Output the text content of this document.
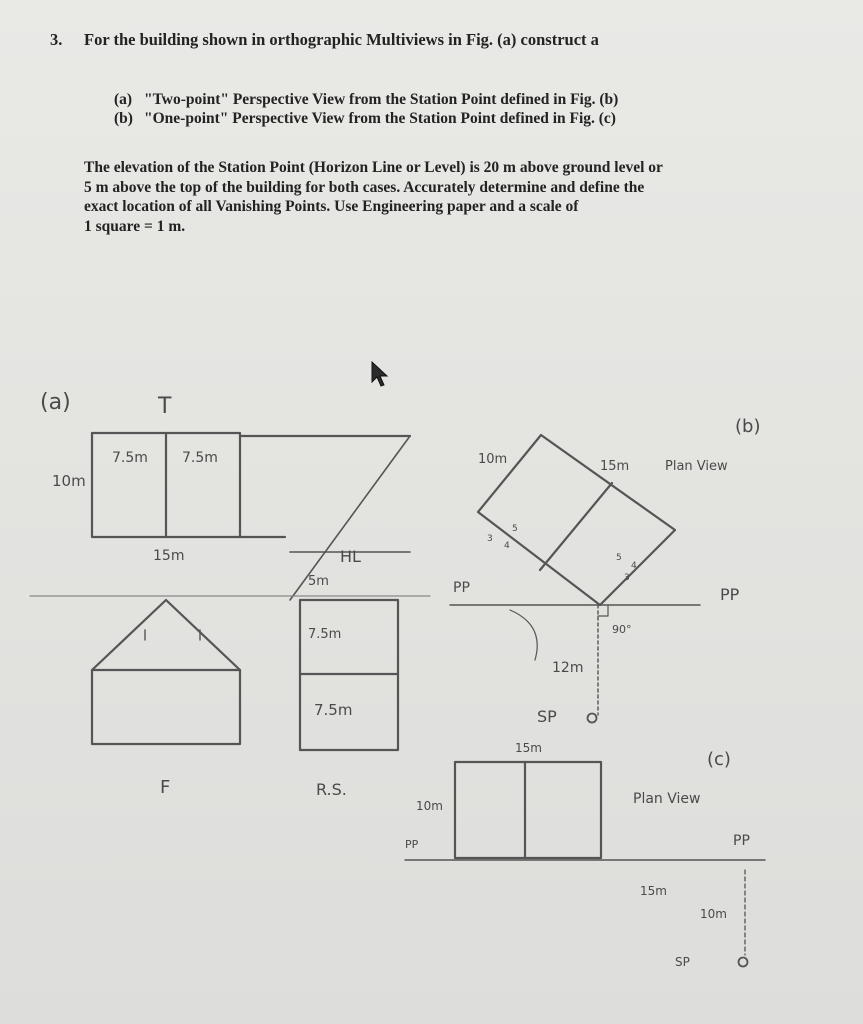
3. For the building shown in orthographic Multiviews in Fig. (a) construct a
(a) "Two-point" Perspective View from the Station Point defined in Fig. (b)
(b) "One-point" Perspective View from the Station Point defined in Fig. (c)
The elevation of the Station Point (Horizon Line or Level) is 20 m above ground level or
5 m above the top of the building for both cases. Accurately determine and define the
exact location of all Vanishing Points. Use Engineering paper and a scale of
1 square = 1 m.
(a)	T
7.5m 7.5m
10m
15m	HL
5m
7.5m
7.5m
F	R.S.
(b)
10m	15m	Plan View
5
4
3
5
4
3
PP	PP
90°
12m
SP
15m
(c)
Plan View
10m
PP	PP
15m
10m
SP
